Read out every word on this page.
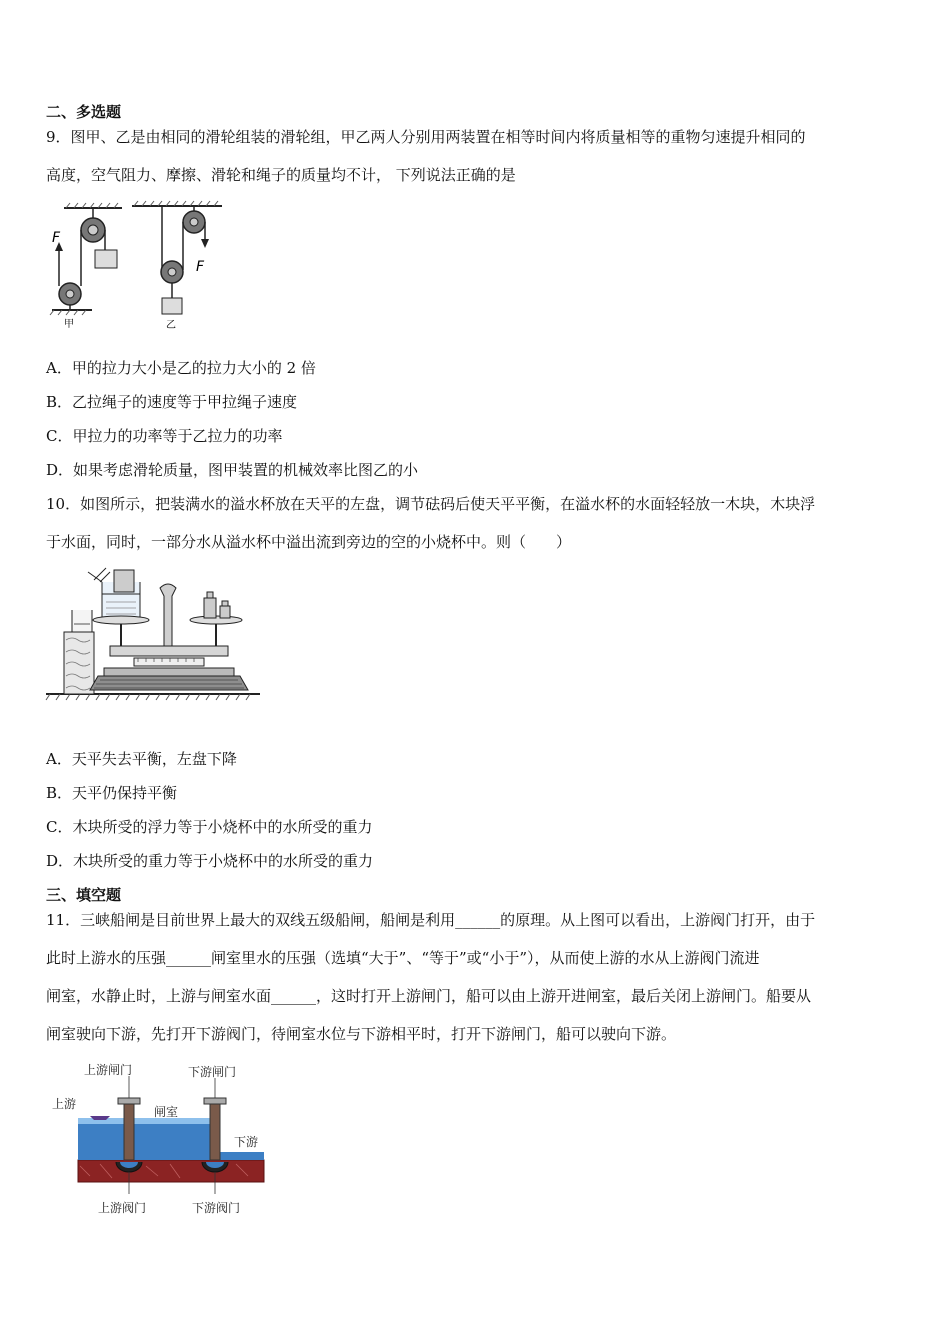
二、多选题
9．图甲、乙是由相同的滑轮组装的滑轮组，甲乙两人分别用两装置在相等时间内将质量相等的重物匀速提升相同的
高度，空气阻力、摩擦、滑轮和绳子的质量均不计， 下列说法正确的是
F
甲
F
乙
A．甲的拉力大小是乙的拉力大小的 2 倍
B．乙拉绳子的速度等于甲拉绳子速度
C．甲拉力的功率等于乙拉力的功率
D．如果考虑滑轮质量，图甲装置的机械效率比图乙的小
10．如图所示，把装满水的溢水杯放在天平的左盘，调节砝码后使天平平衡，在溢水杯的水面轻轻放一木块，木块浮
于水面，同时，一部分水从溢水杯中溢出流到旁边的空的小烧杯中。则（　　）
A．天平失去平衡，左盘下降
B．天平仍保持平衡
C．木块所受的浮力等于小烧杯中的水所受的重力
D．木块所受的重力等于小烧杯中的水所受的重力
三、填空题
11．三峡船闸是目前世界上最大的双线五级船闸，船闸是利用______的原理。从上图可以看出，上游阀门打开，由于
此时上游水的压强______闸室里水的压强（选填“大于”、“等于”或“小于”），从而使上游的水从上游阀门流进
闸室，水静止时，上游与闸室水面______，这时打开上游闸门，船可以由上游开进闸室，最后关闭上游闸门。船要从
闸室驶向下游，先打开下游阀门，待闸室水位与下游相平时，打开下游闸门，船可以驶向下游。
上游闸门	下游闸门
上游
闸室
下游
上游阀门	下游阀门
